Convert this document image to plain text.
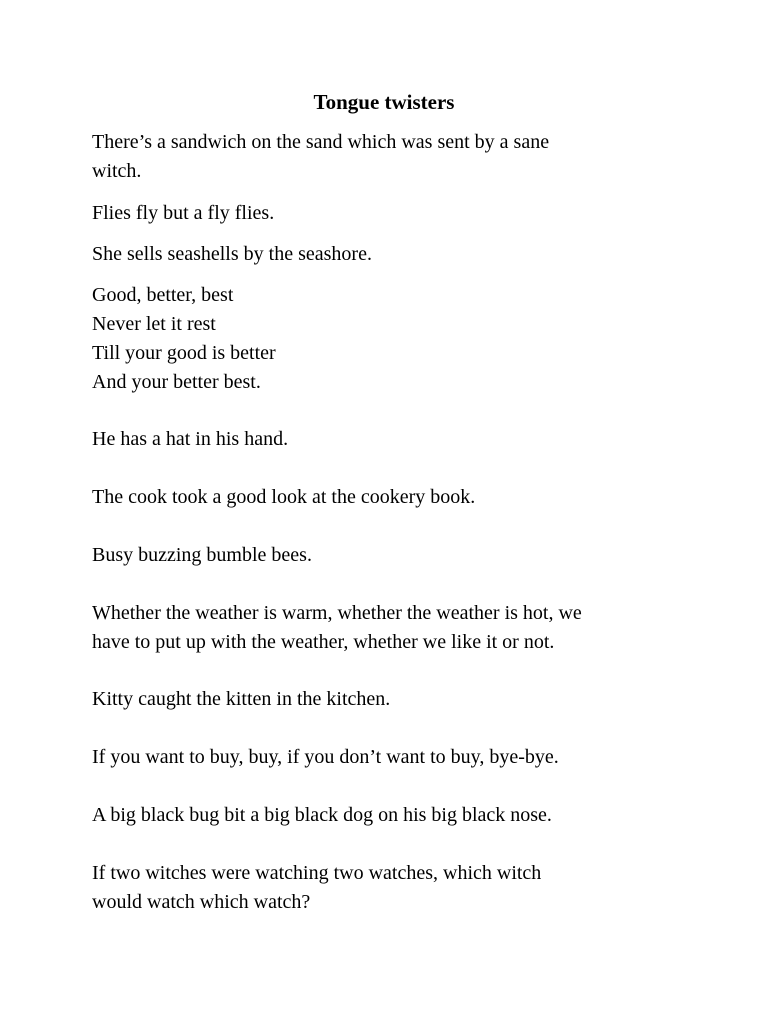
Tongue twisters
There’s a sandwich on the sand which was sent by a sane
witch.
Flies fly but a fly flies.
She sells seashells by the seashore.
Good, better, best
Never let it rest
Till your good is better
And your better best.
He has a hat in his hand.
The cook took a good look at the cookery book.
Busy buzzing bumble bees.
Whether the weather is warm, whether the weather is hot, we
have to put up with the weather, whether we like it or not.
Kitty caught the kitten in the kitchen.
If you want to buy, buy, if you don’t want to buy, bye-bye.
A big black bug bit a big black dog on his big black nose.
If two witches were watching two watches, which witch
would watch which watch?
